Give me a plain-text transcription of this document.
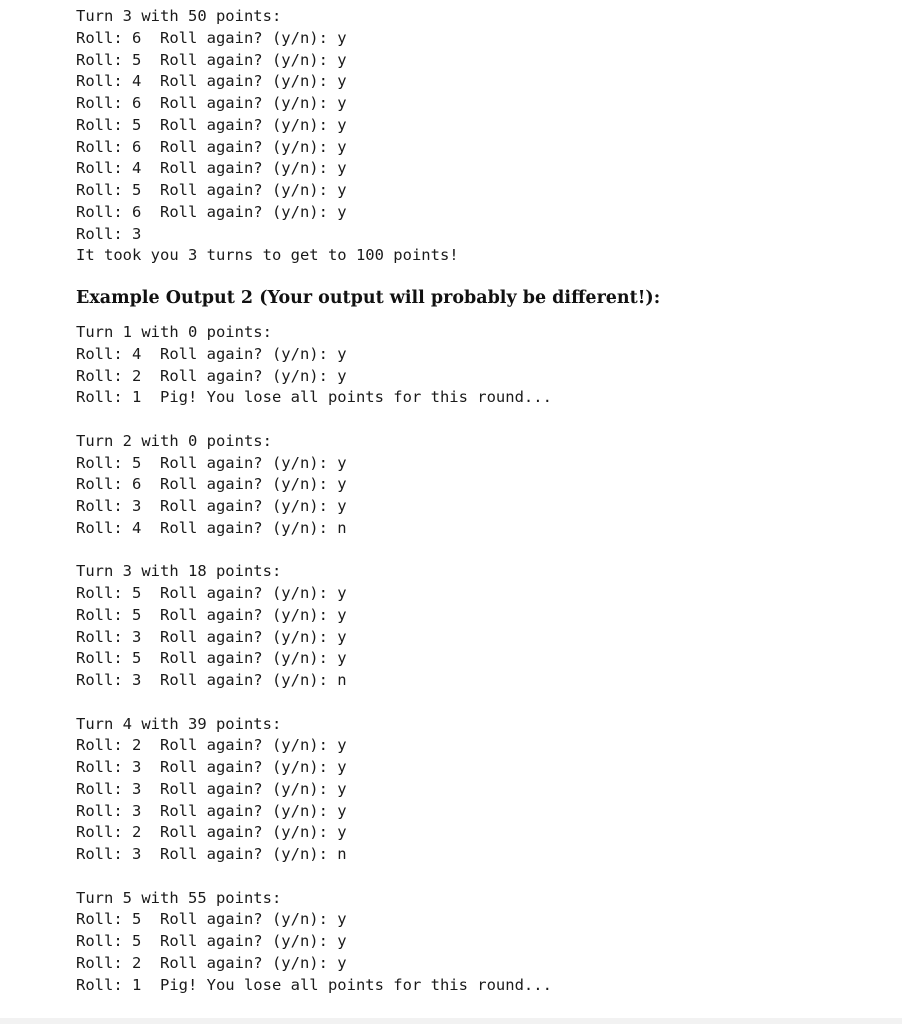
Turn 3 with 50 points:
Roll: 6  Roll again? (y/n): y
Roll: 5  Roll again? (y/n): y
Roll: 4  Roll again? (y/n): y
Roll: 6  Roll again? (y/n): y
Roll: 5  Roll again? (y/n): y
Roll: 6  Roll again? (y/n): y
Roll: 4  Roll again? (y/n): y
Roll: 5  Roll again? (y/n): y
Roll: 6  Roll again? (y/n): y
Roll: 3
It took you 3 turns to get to 100 points!
Example Output 2 (Your output will probably be different!):
Turn 1 with 0 points:
Roll: 4  Roll again? (y/n): y
Roll: 2  Roll again? (y/n): y
Roll: 1  Pig! You lose all points for this round...
Turn 2 with 0 points:
Roll: 5  Roll again? (y/n): y
Roll: 6  Roll again? (y/n): y
Roll: 3  Roll again? (y/n): y
Roll: 4  Roll again? (y/n): n
Turn 3 with 18 points:
Roll: 5  Roll again? (y/n): y
Roll: 5  Roll again? (y/n): y
Roll: 3  Roll again? (y/n): y
Roll: 5  Roll again? (y/n): y
Roll: 3  Roll again? (y/n): n
Turn 4 with 39 points:
Roll: 2  Roll again? (y/n): y
Roll: 3  Roll again? (y/n): y
Roll: 3  Roll again? (y/n): y
Roll: 3  Roll again? (y/n): y
Roll: 2  Roll again? (y/n): y
Roll: 3  Roll again? (y/n): n
Turn 5 with 55 points:
Roll: 5  Roll again? (y/n): y
Roll: 5  Roll again? (y/n): y
Roll: 2  Roll again? (y/n): y
Roll: 1  Pig! You lose all points for this round...
